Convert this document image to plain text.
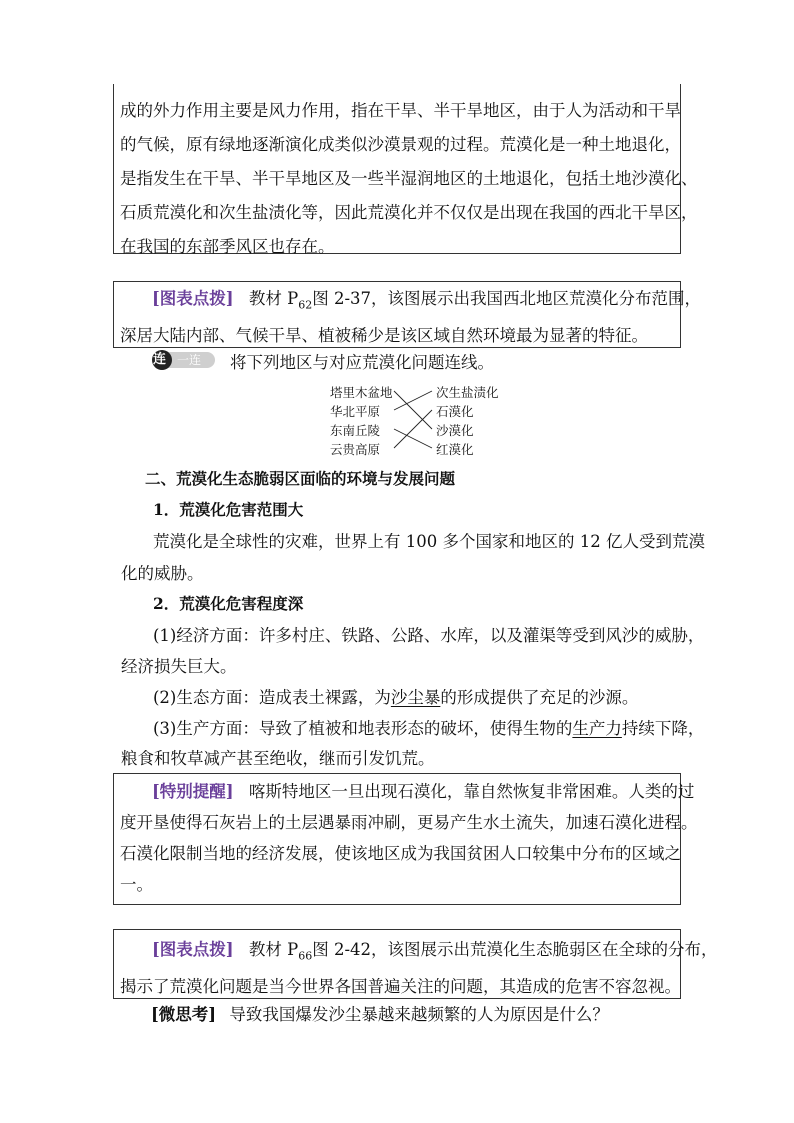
成的外力作用主要是风力作用，指在干旱、半干旱地区，由于人为活动和干旱

的气候，原有绿地逐渐演化成类似沙漠景观的过程。荒漠化是一种土地退化，

是指发生在干旱、半干旱地区及一些半湿润地区的土地退化，包括土地沙漠化、

石质荒漠化和次生盐渍化等，因此荒漠化并不仅仅是出现在我国的西北干旱区，

在我国的东部季风区也存在。

[图表点拨] 教材 $P_{62}$图 2-37，该图展示出我国西北地区荒漠化分布范围，

深居大陆内部、气候干旱、植被稀少是该区域自然环境最为显著的特征。

连 一连 将下列地区与对应荒漠化问题连线。
塔里木盆地
华北平原
东南丘陵
云贵高原
次生盐渍化
石漠化
沙漠化
红漠化
二、荒漠化生态脆弱区面临的环境与发展问题
1．荒漠化危害范围大
荒漠化是全球性的灾难，世界上有 100 多个国家和地区的 12 亿人受到荒漠
化的威胁。
2．荒漠化危害程度深
(1)经济方面：许多村庄、铁路、公路、水库，以及灌渠等受到风沙的威胁，
经济损失巨大。
(2)生态方面：造成表土裸露，为沙尘暴的形成提供了充足的沙源。
(3)生产方面：导致了植被和地表形态的破坏，使得生物的生产力持续下降，
粮食和牧草减产甚至绝收，继而引发饥荒。

[特别提醒] 喀斯特地区一旦出现石漠化，靠自然恢复非常困难。人类的过

度开垦使得石灰岩上的土层遇暴雨冲刷，更易产生水土流失，加速石漠化进程。

石漠化限制当地的经济发展，使该地区成为我国贫困人口较集中分布的区域之

一。

[图表点拨] 教材 $P_{66}$图 2-42，该图展示出荒漠化生态脆弱区在全球的分布，

揭示了荒漠化问题是当今世界各国普遍关注的问题，其造成的危害不容忽视。

[微思考] 导致我国爆发沙尘暴越来越频繁的人为原因是什么？
